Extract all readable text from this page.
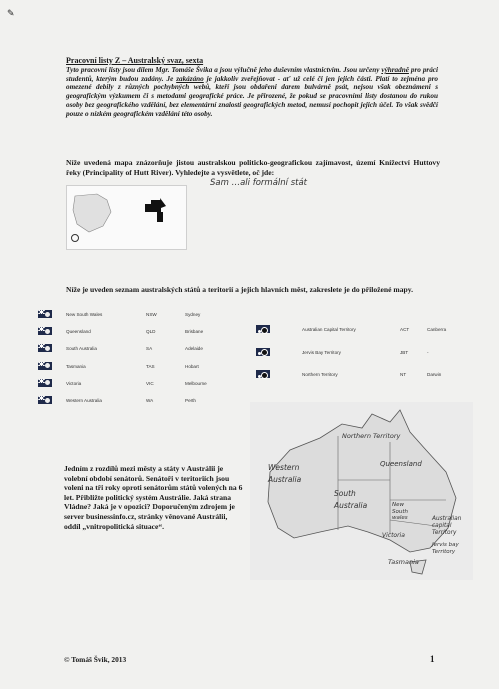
✎
Pracovní listy Z – Australský svaz, sexta
Tyto pracovní listy jsou dílem Mgr. Tomáše Švika a jsou výlučně jeho duševním vlastnictvím. Jsou určeny výhradně pro práci studentů, kterým budou zadány. Je zakázáno je jakkoliv zveřejňovat - ať už celé či jen jejich části. Platí to zejména pro omezené debily z různých pochybných webů, kteří jsou obdařeni darem bulvárně psát, nejsou však obeznámeni s geografickým výzkumem či s metodami geografické práce. Je přirozené, že pokud se pracovními listy dostanou do rukou osoby bez geografického vzdělání, bez elementární znalosti geografických metod, nemusí pochopit jejich účel. To však svědčí pouze o nízkém geografickém vzdělání této osoby.
Níže uvedená mapa znázorňuje jistou australskou politicko-geografickou zajímavost, území Knížectví Huttovy řeky (Principality of Hutt River). Vyhledejte a vysvětlete, oč jde:
Sam …ali formální stát
Níže je uveden seznam australských států a teritorií a jejich hlavních měst, zakreslete je do přiložené mapy.
New South Wales	NSW	Sydney
Queensland	QLD	Brisbane
South Australia	SA	Adelaide
Tasmania	TAS	Hobart
Victoria	VIC	Melbourne
Western Australia	WA	Perth
Australian Capital Territory	ACT	Canberra
Jervis Bay Territory	JBT	-
Northern Territory	NT	Darwin
Northern Territory
Western Australia
Queensland
South Australia	New South wales	Australian capital Territory
Victoria
Jervis bay Territory
Tasmania
Jedním z rozdílů mezi městy a státy v Austrálii je volební období senátorů. Senátoři v teritoriích jsou voleni na tři roky oproti senátorům států volených na 6 let. Přibližte politický systém Austrálie. Jaká strana Vládne? Jaká je v opozici? Doporučeným zdrojem je server businessinfo.cz, stránky věnované Austrálii, oddíl „vnitropolitická situace“.
© Tomáš Švik, 2013	1
